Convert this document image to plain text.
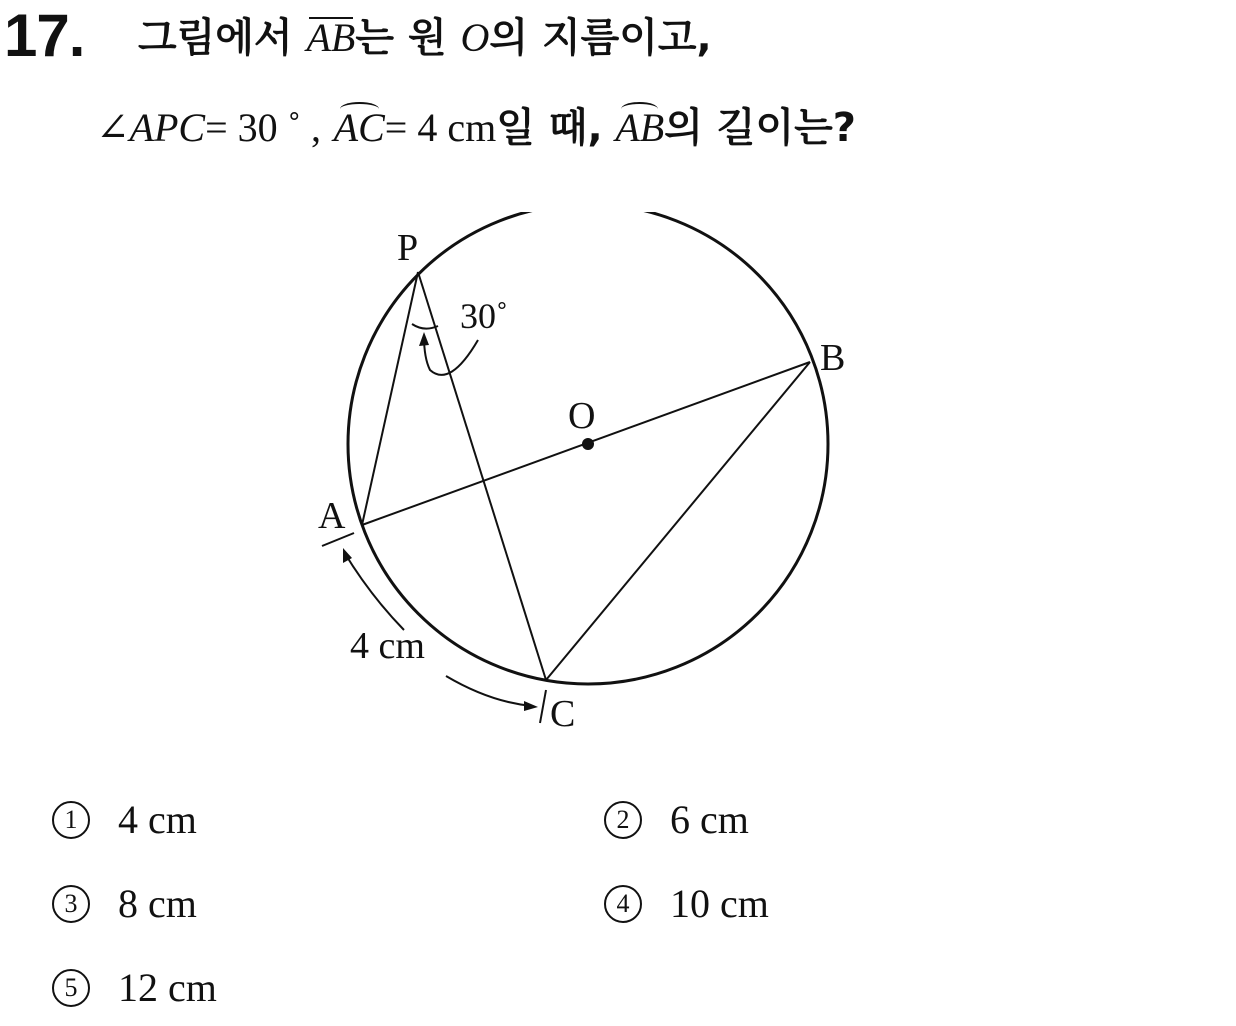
17. 그림에서 AB는 원 O의 지름이고,
∠APC= 30 ˚ , AC= 4 cm일 때, AB의 길이는?
P
B
O
A
C
30˚
4 cm
1	4 cm	2	6 cm
3	8 cm	4	10 cm
5	12 cm
